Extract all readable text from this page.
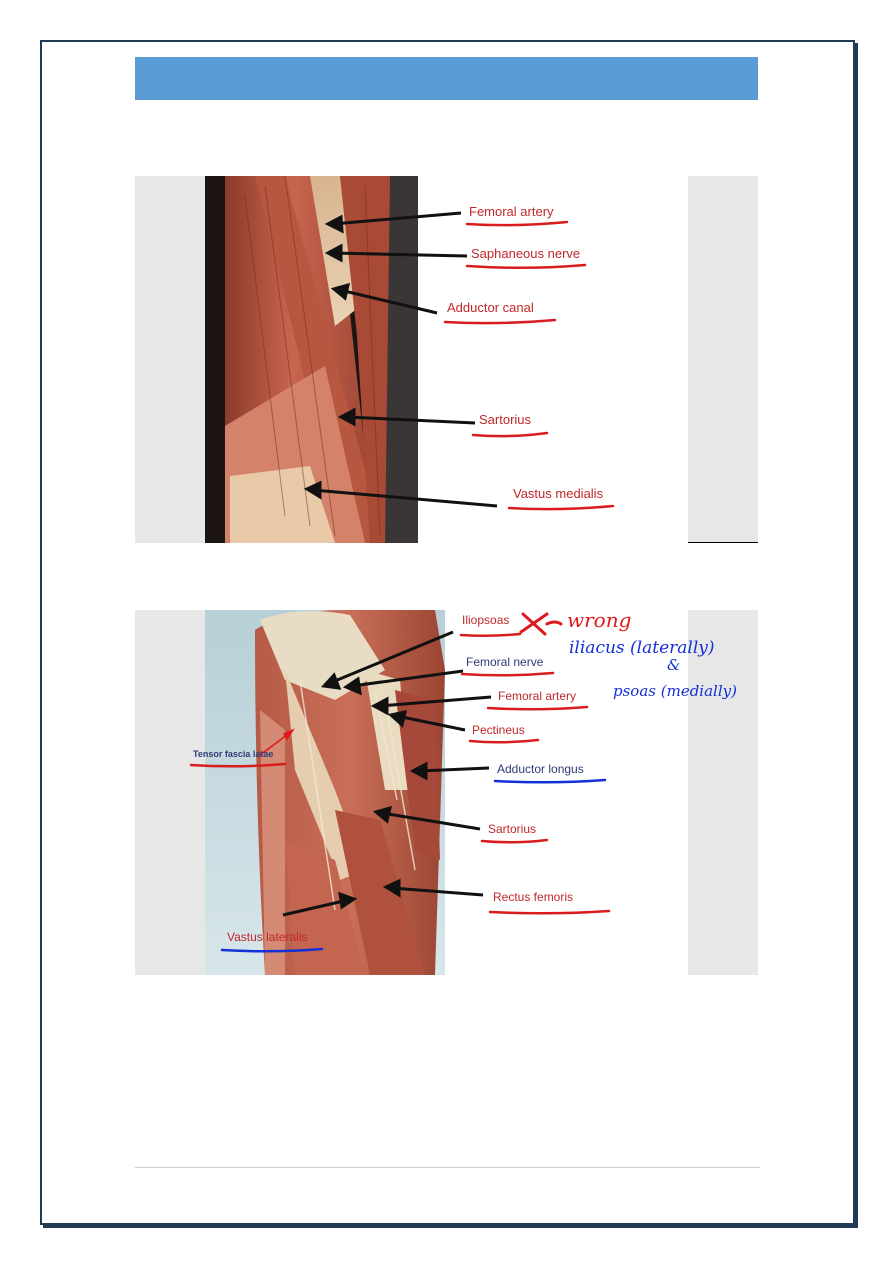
Femoral artery
Saphaneous nerve
Adductor canal
Sartorius
Vastus medialis
Iliopsoas
Femoral nerve
Femoral artery
Pectineus
Adductor longus
Sartorius
Rectus femoris
Tensor fascia latae
Vastus lateralis
wrong
iliacus (laterally)
&
psoas (medially)
